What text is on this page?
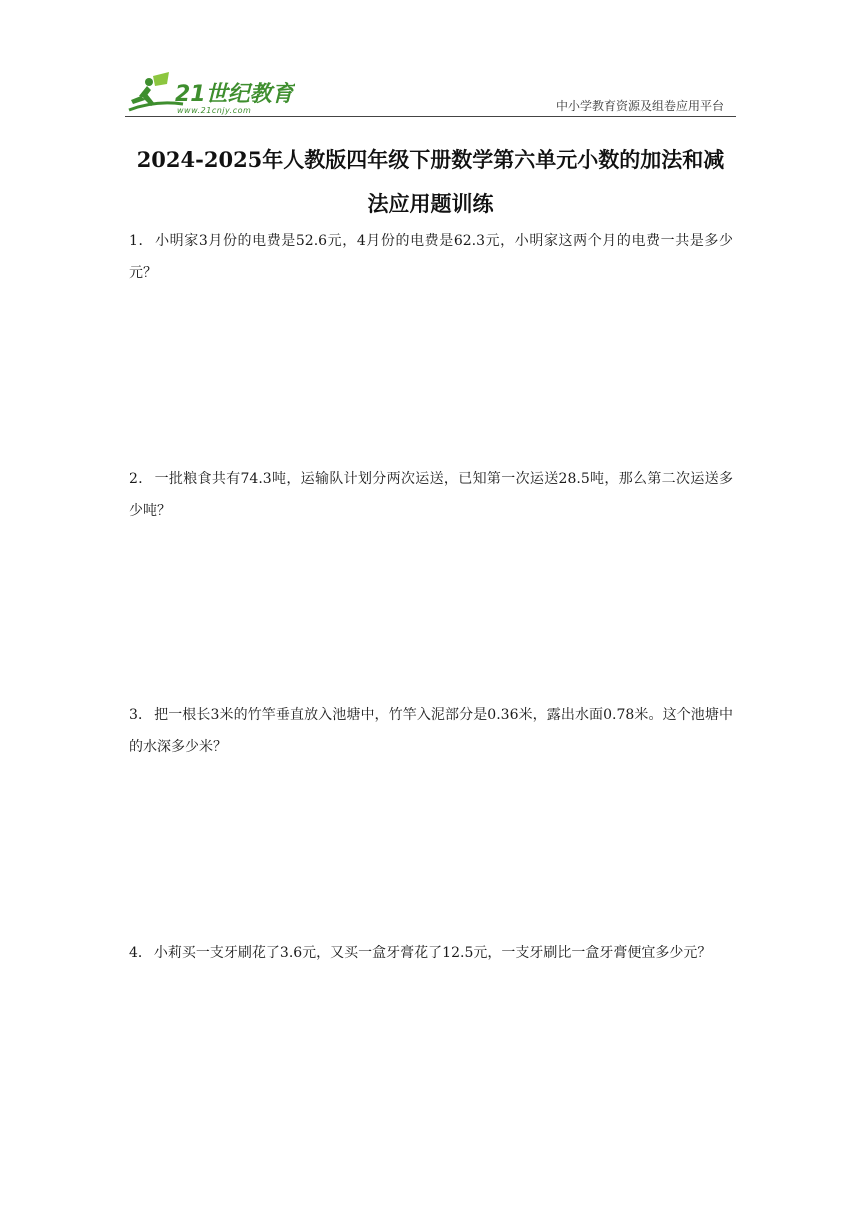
21世纪教育
www.21cnjy.com	中小学教育资源及组卷应用平台
2024-2025年人教版四年级下册数学第六单元小数的加法和减
法应用题训练
1． 小明家3月份的电费是52.6元，4月份的电费是62.3元，小明家这两个月的电费一共是多少元？
2． 一批粮食共有74.3吨，运输队计划分两次运送，已知第一次运送28.5吨，那么第二次运送多少吨？
3． 把一根长3米的竹竿垂直放入池塘中，竹竿入泥部分是0.36米，露出水面0.78米。这个池塘中的水深多少米？
4． 小莉买一支牙刷花了3.6元，又买一盒牙膏花了12.5元，一支牙刷比一盒牙膏便宜多少元？
